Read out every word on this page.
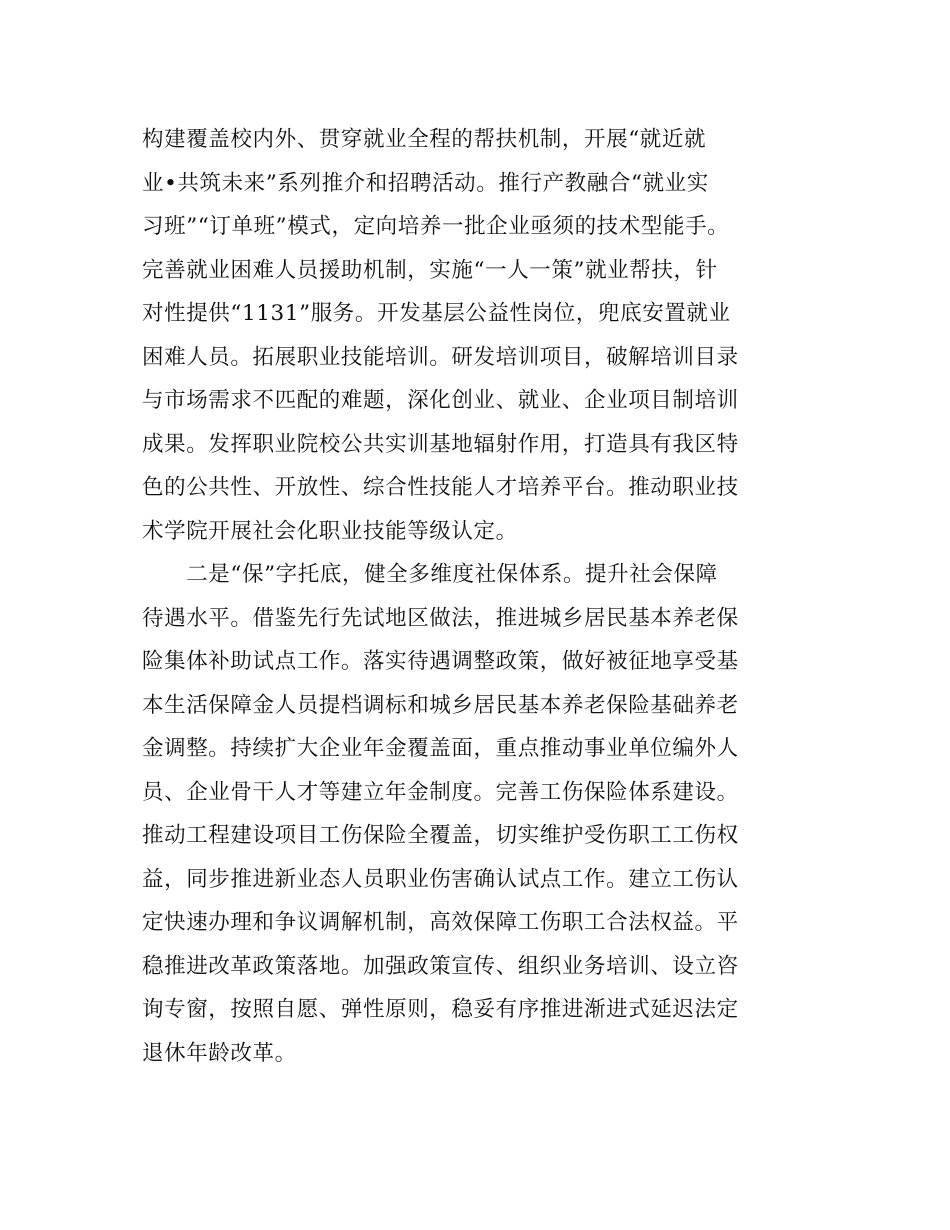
构建覆盖校内外、贯穿就业全程的帮扶机制，开展“就近就
业•共筑未来”系列推介和招聘活动。推行产教融合“就业实
习班”“订单班”模式，定向培养一批企业亟须的技术型能手。
完善就业困难人员援助机制，实施“一人一策”就业帮扶，针
对性提供“1131”服务。开发基层公益性岗位，兜底安置就业
困难人员。拓展职业技能培训。研发培训项目，破解培训目录
与市场需求不匹配的难题，深化创业、就业、企业项目制培训
成果。发挥职业院校公共实训基地辐射作用，打造具有我区特
色的公共性、开放性、综合性技能人才培养平台。推动职业技
术学院开展社会化职业技能等级认定。
　　二是“保”字托底，健全多维度社保体系。提升社会保障
待遇水平。借鉴先行先试地区做法，推进城乡居民基本养老保
险集体补助试点工作。落实待遇调整政策，做好被征地享受基
本生活保障金人员提档调标和城乡居民基本养老保险基础养老
金调整。持续扩大企业年金覆盖面，重点推动事业单位编外人
员、企业骨干人才等建立年金制度。完善工伤保险体系建设。
推动工程建设项目工伤保险全覆盖，切实维护受伤职工工伤权
益，同步推进新业态人员职业伤害确认试点工作。建立工伤认
定快速办理和争议调解机制，高效保障工伤职工合法权益。平
稳推进改革政策落地。加强政策宣传、组织业务培训、设立咨
询专窗，按照自愿、弹性原则，稳妥有序推进渐进式延迟法定
退休年龄改革。
